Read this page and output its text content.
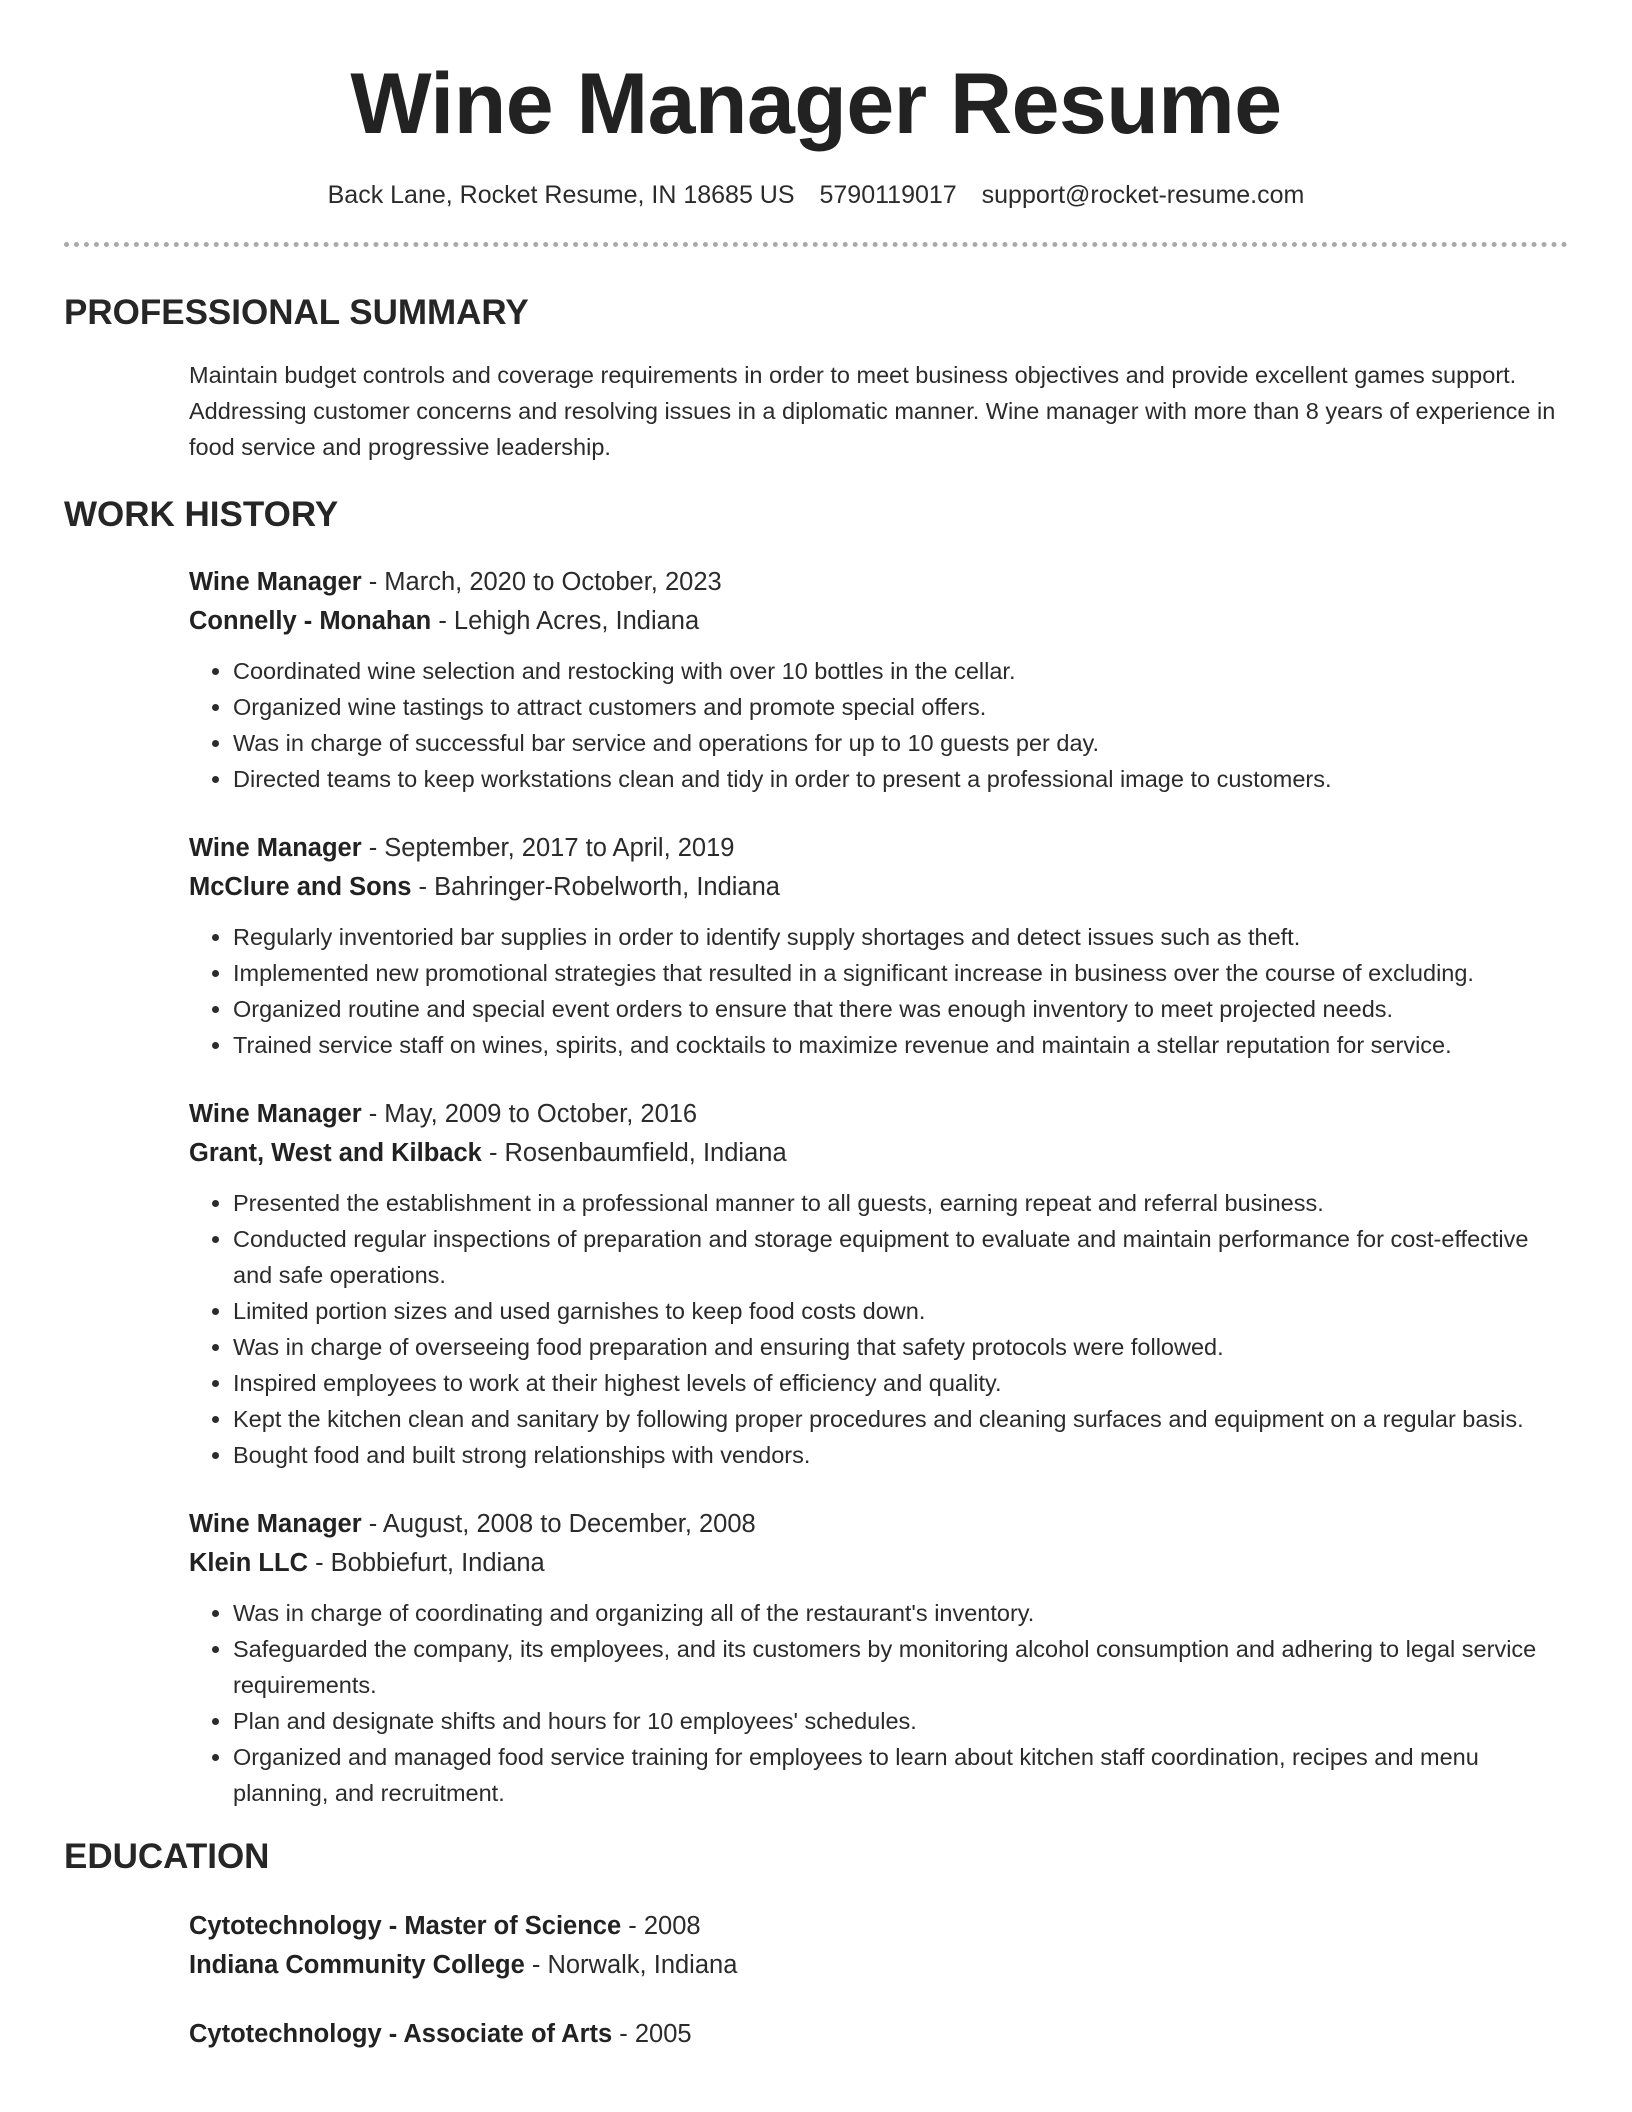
Wine Manager Resume
Back Lane, Rocket Resume, IN 18685 US 5790119017 support@rocket-resume.com
PROFESSIONAL SUMMARY

Maintain budget controls and coverage requirements in order to meet business objectives and provide excellent games support. Addressing customer concerns and resolving issues in a diplomatic manner. Wine manager with more than 8 years of experience in food service and progressive leadership.

WORK HISTORY
Wine Manager - March, 2020 to October, 2023
Connelly - Monahan - Lehigh Acres, Indiana
• Coordinated wine selection and restocking with over 10 bottles in the cellar.
• Organized wine tastings to attract customers and promote special offers.
• Was in charge of successful bar service and operations for up to 10 guests per day.
• Directed teams to keep workstations clean and tidy in order to present a professional image to customers.
Wine Manager - September, 2017 to April, 2019
McClure and Sons - Bahringer-Robelworth, Indiana
• Regularly inventoried bar supplies in order to identify supply shortages and detect issues such as theft.
• Implemented new promotional strategies that resulted in a significant increase in business over the course of excluding.
• Organized routine and special event orders to ensure that there was enough inventory to meet projected needs.
• Trained service staff on wines, spirits, and cocktails to maximize revenue and maintain a stellar reputation for service.
Wine Manager - May, 2009 to October, 2016
Grant, West and Kilback - Rosenbaumfield, Indiana
• Presented the establishment in a professional manner to all guests, earning repeat and referral business.
• Conducted regular inspections of preparation and storage equipment to evaluate and maintain performance for cost-effective and safe operations.
• Limited portion sizes and used garnishes to keep food costs down.
• Was in charge of overseeing food preparation and ensuring that safety protocols were followed.
• Inspired employees to work at their highest levels of efficiency and quality.
• Kept the kitchen clean and sanitary by following proper procedures and cleaning surfaces and equipment on a regular basis.
• Bought food and built strong relationships with vendors.
Wine Manager - August, 2008 to December, 2008
Klein LLC - Bobbiefurt, Indiana
• Was in charge of coordinating and organizing all of the restaurant's inventory.
• Safeguarded the company, its employees, and its customers by monitoring alcohol consumption and adhering to legal service requirements.
• Plan and designate shifts and hours for 10 employees' schedules.
• Organized and managed food service training for employees to learn about kitchen staff coordination, recipes and menu planning, and recruitment.
EDUCATION
Cytotechnology - Master of Science - 2008
Indiana Community College - Norwalk, Indiana
Cytotechnology - Associate of Arts - 2005
